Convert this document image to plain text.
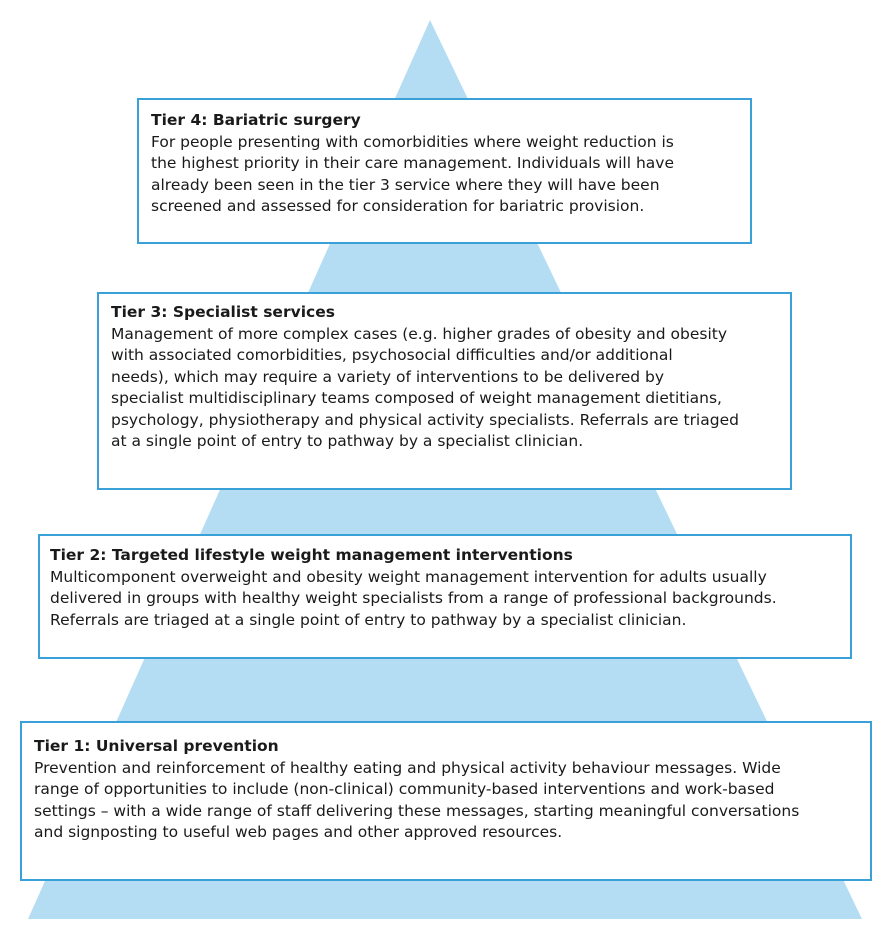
Tier 4: Bariatric surgery
For people presenting with comorbidities where weight reduction is
the highest priority in their care management. Individuals will have
already been seen in the tier 3 service where they will have been
screened and assessed for consideration for bariatric provision.
Tier 3: Specialist services
Management of more complex cases (e.g. higher grades of obesity and obesity
with associated comorbidities, psychosocial difficulties and/or additional
needs), which may require a variety of interventions to be delivered by
specialist multidisciplinary teams composed of weight management dietitians,
psychology, physiotherapy and physical activity specialists. Referrals are triaged
at a single point of entry to pathway by a specialist clinician.
Tier 2: Targeted lifestyle weight management interventions
Multicomponent overweight and obesity weight management intervention for adults usually
delivered in groups with healthy weight specialists from a range of professional backgrounds.
Referrals are triaged at a single point of entry to pathway by a specialist clinician.
Tier 1: Universal prevention
Prevention and reinforcement of healthy eating and physical activity behaviour messages. Wide
range of opportunities to include (non-clinical) community-based interventions and work-based
settings – with a wide range of staff delivering these messages, starting meaningful conversations
and signposting to useful web pages and other approved resources.
